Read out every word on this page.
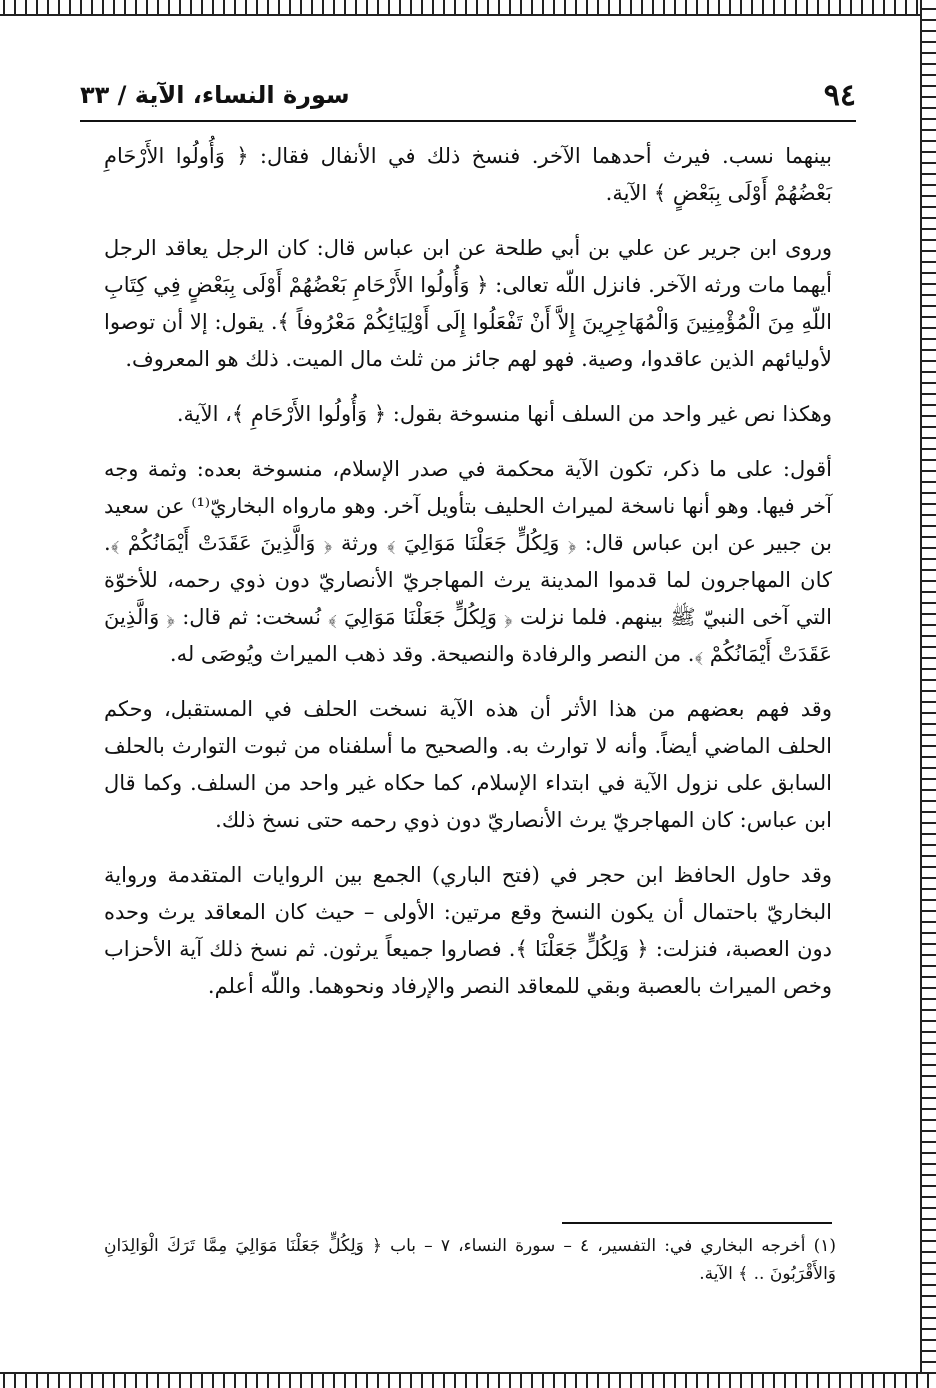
٩٤
سورة النساء، الآية / ٣٣

بينهما نسب. فيرث أحدهما الآخر. فنسخ ذلك في الأنفال فقال: ﴿ وَأُولُوا الأَرْحَامِ بَعْضُهُمْ أَوْلَى بِبَعْضٍ ﴾ الآية.

وروى ابن جرير عن علي بن أبي طلحة عن ابن عباس قال: كان الرجل يعاقد الرجل أيهما مات ورثه الآخر. فانزل اللّه تعالى: ﴿ وَأُولُوا الأَرْحَامِ بَعْضُهُمْ أَوْلَى بِبَعْضٍ فِي كِتَابِ اللّهِ مِنَ الْمُؤْمِنِينَ وَالْمُهَاجِرِينَ إِلاَّ أَنْ تَفْعَلُوا إِلَى أَوْلِيَائِكُمْ مَعْرُوفاً ﴾. يقول: إلا أن توصوا لأوليائهم الذين عاقدوا، وصية. فهو لهم جائز من ثلث مال الميت. ذلك هو المعروف.

وهكذا نص غير واحد من السلف أنها منسوخة بقول: ﴿ وَأُولُوا الأَرْحَامِ ﴾، الآية.

أقول: على ما ذكر، تكون الآية محكمة في صدر الإسلام، منسوخة بعده: وثمة وجه آخر فيها. وهو أنها ناسخة لميراث الحليف بتأويل آخر. وهو مارواه البخاريّ⁽¹⁾ عن سعيد بن جبير عن ابن عباس قال: ﴿ وَلِكُلٍّ جَعَلْنَا مَوَالِيَ ﴾ ورثة ﴿ وَالَّذِينَ عَقَدَتْ أَيْمَانُكُمْ ﴾. كان المهاجرون لما قدموا المدينة يرث المهاجريّ الأنصاريّ دون ذوي رحمه، للأخوّة التي آخى النبيّ ﷺ بينهم. فلما نزلت ﴿ وَلِكُلٍّ جَعَلْنَا مَوَالِيَ ﴾ نُسخت: ثم قال: ﴿ وَالَّذِينَ عَقَدَتْ أَيْمَانُكُمْ ﴾. من النصر والرفادة والنصيحة. وقد ذهب الميراث ويُوصَى له.

وقد فهم بعضهم من هذا الأثر أن هذه الآية نسخت الحلف في المستقبل، وحكم الحلف الماضي أيضاً. وأنه لا توارث به. والصحيح ما أسلفناه من ثبوت التوارث بالحلف السابق على نزول الآية في ابتداء الإسلام، كما حكاه غير واحد من السلف. وكما قال ابن عباس: كان المهاجريّ يرث الأنصاريّ دون ذوي رحمه حتى نسخ ذلك.

وقد حاول الحافظ ابن حجر في (فتح الباري) الجمع بين الروايات المتقدمة ورواية البخاريّ باحتمال أن يكون النسخ وقع مرتين: الأولى – حيث كان المعاقد يرث وحده دون العصبة، فنزلت: ﴿ وَلِكُلٍّ جَعَلْنَا ﴾. فصاروا جميعاً يرثون. ثم نسخ ذلك آية الأحزاب وخص الميراث بالعصبة وبقي للمعاقد النصر والإرفاد ونحوهما. واللّه أعلم.

(١) أخرجه البخاري في: التفسير، ٤ – سورة النساء، ٧ – باب ﴿ وَلِكُلٍّ جَعَلْنَا مَوَالِيَ مِمَّا تَرَكَ الْوَالِدَانِ وَالأَقْرَبُونَ .. ﴾ الآية.
